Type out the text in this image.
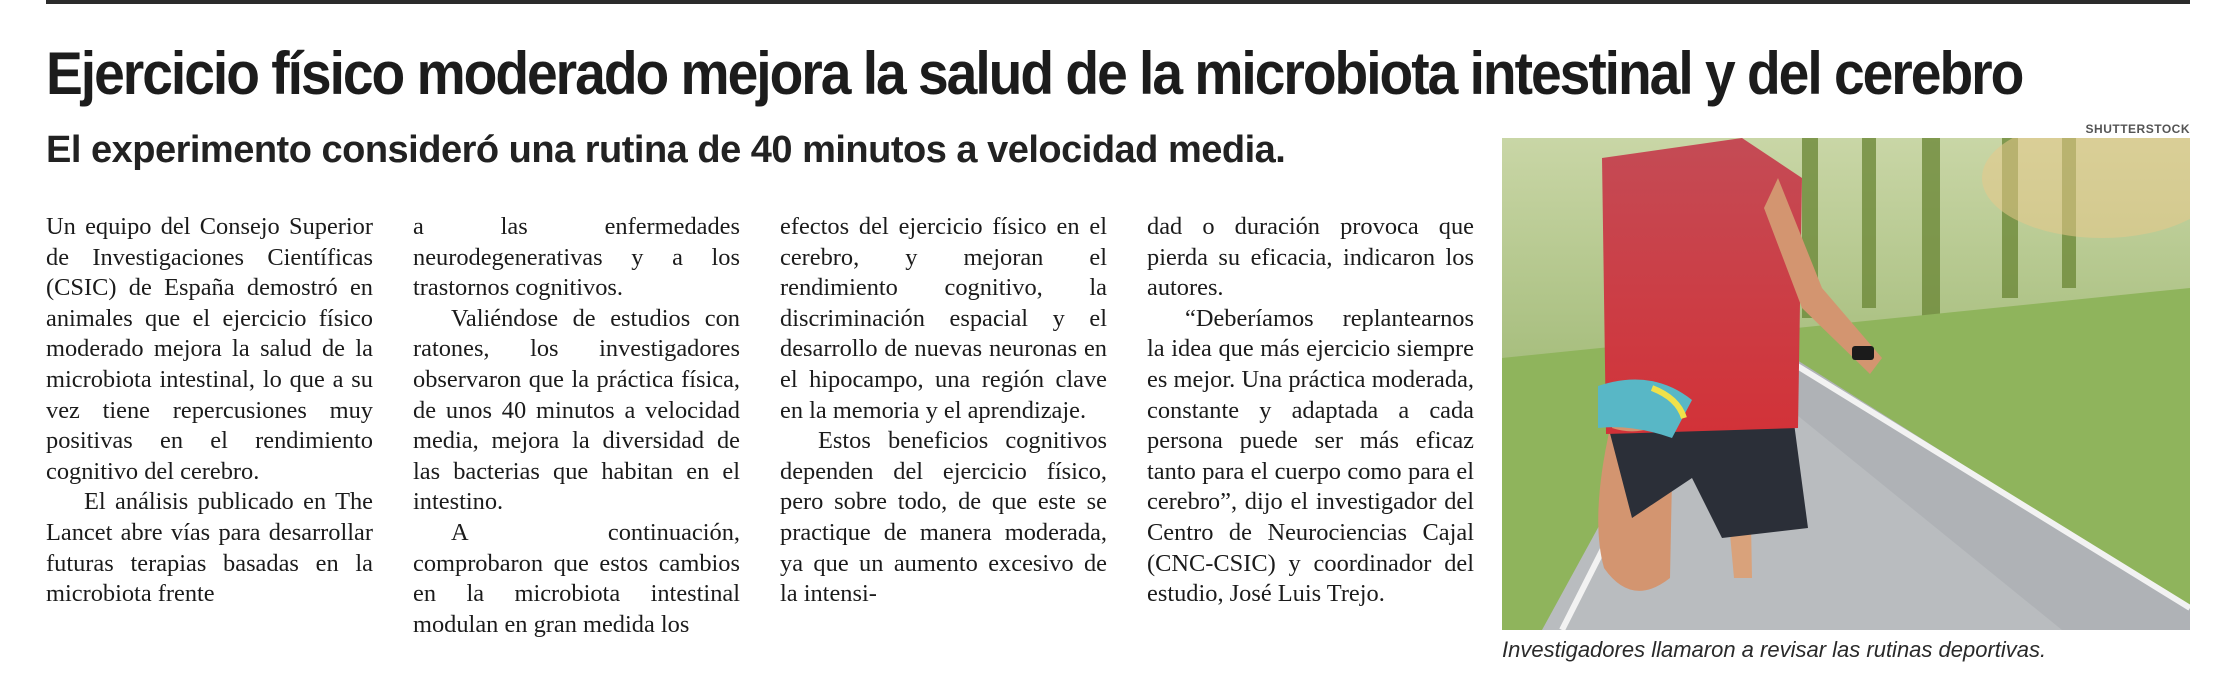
Ejercicio físico moderado mejora la salud de la microbiota intestinal y del cerebro
El experimento consideró una rutina de 40 minutos a velocidad media.

Un equipo del Consejo Superior de Investigaciones Científicas (CSIC) de España demostró en animales que el ejercicio físico moderado mejora la salud de la microbiota intestinal, lo que a su vez tiene repercusiones muy positivas en el rendimiento cognitivo del cerebro.

El análisis publicado en The Lancet abre vías para desarrollar futuras terapias basadas en la microbiota frente

a las enfermedades neurodegenerativas y a los trastornos cognitivos.

Valiéndose de estudios con ratones, los investigadores observaron que la práctica física, de unos 40 minutos a velocidad media, mejora la diversidad de las bacterias que habitan en el intestino.

A continuación, comprobaron que estos cambios en la microbiota intestinal modulan en gran medida los

efectos del ejercicio físico en el cerebro, y mejoran el rendimiento cognitivo, la discriminación espacial y el desarrollo de nuevas neuronas en el hipocampo, una región clave en la memoria y el aprendizaje.

Estos beneficios cognitivos dependen del ejercicio físico, pero sobre todo, de que este se practique de manera moderada, ya que un aumento excesivo de la intensi-

dad o duración provoca que pierda su eficacia, indicaron los autores.

“Deberíamos replantearnos la idea que más ejercicio siempre es mejor. Una práctica moderada, constante y adaptada a cada persona puede ser más eficaz tanto para el cuerpo como para el cerebro”, dijo el investigador del Centro de Neurociencias Cajal (CNC-CSIC) y coordinador del estudio, José Luis Trejo.

SHUTTERSTOCK
Investigadores llamaron a revisar las rutinas deportivas.
